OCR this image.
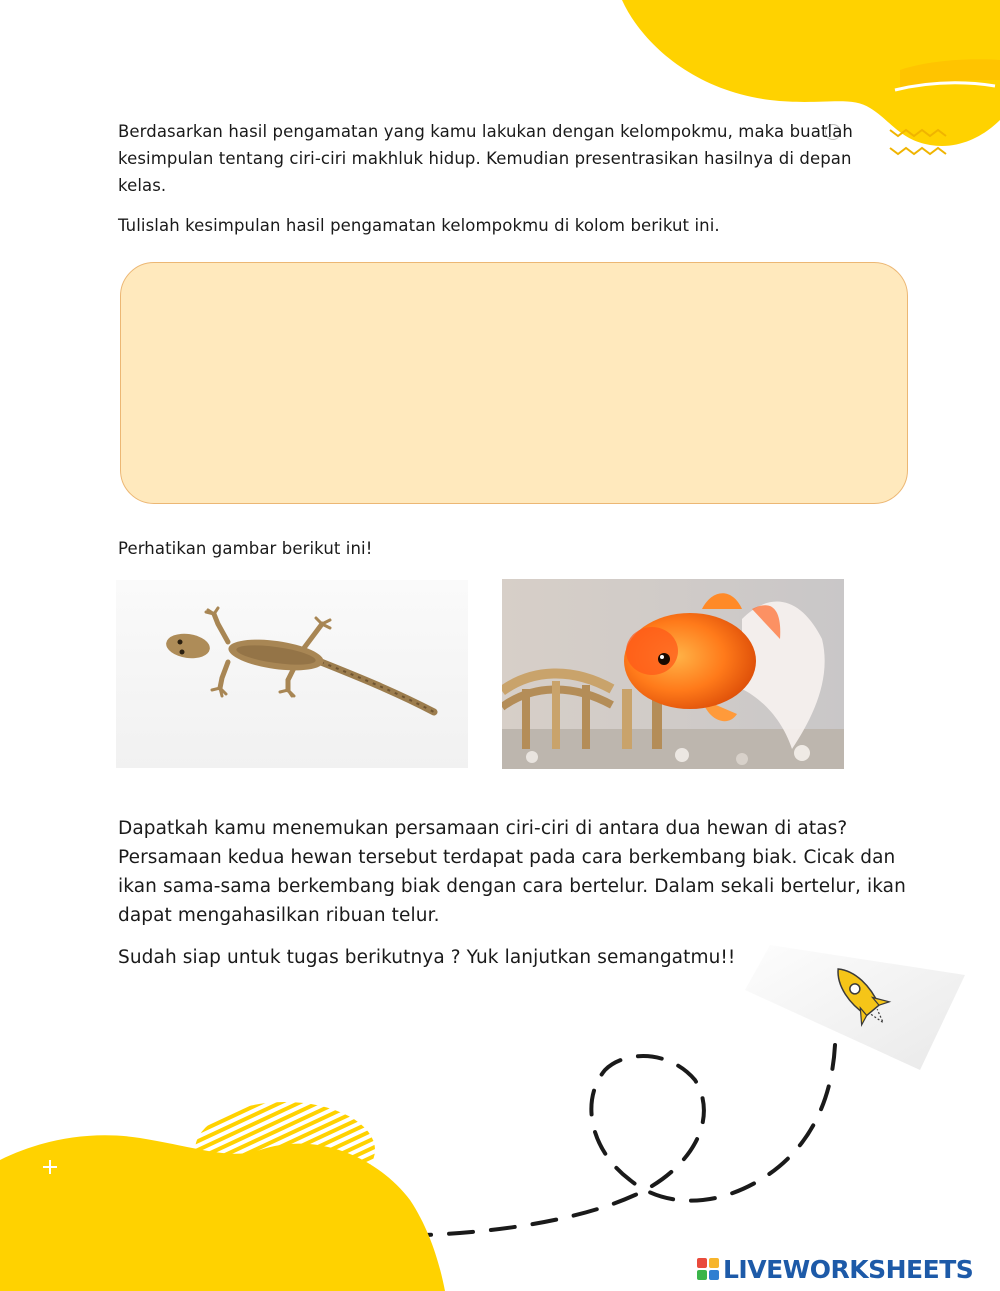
Berdasarkan hasil pengamatan yang kamu lakukan dengan kelompokmu, maka buatlah

kesimpulan tentang ciri-ciri makhluk hidup. Kemudian presentrasikan hasilnya di depan

kelas.

Tulislah kesimpulan hasil pengamatan kelompokmu di kolom berikut ini.

Perhatikan gambar berikut ini!

Dapatkah kamu menemukan persamaan ciri-ciri di antara dua hewan di atas?

Persamaan kedua hewan tersebut terdapat pada cara berkembang biak. Cicak dan

ikan sama-sama berkembang biak dengan cara bertelur. Dalam sekali bertelur, ikan

dapat mengahasilkan ribuan telur.

Sudah siap untuk tugas berikutnya ? Yuk lanjutkan semangatmu!!

LIVEWORKSHEETS
